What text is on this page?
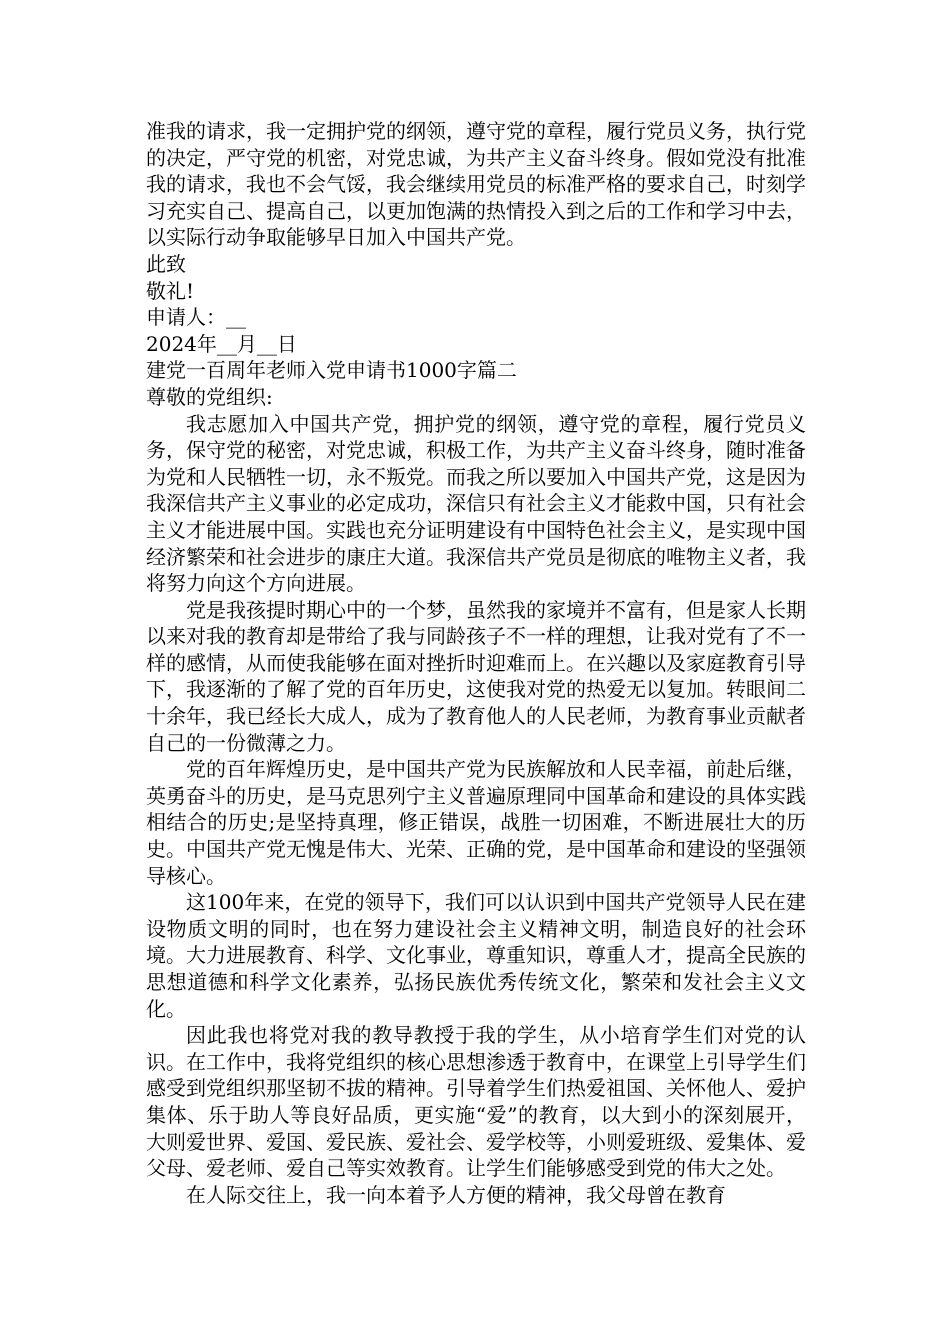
准我的请求，我一定拥护党的纲领，遵守党的章程，履行党员义务，执行党的决定，严守党的机密，对党忠诚，为共产主义奋斗终身。假如党没有批准我的请求，我也不会气馁，我会继续用党员的标准严格的要求自己，时刻学习充实自己、提高自己，以更加饱满的热情投入到之后的工作和学习中去，以实际行动争取能够早日加入中国共产党。

此致

敬礼!

申请人：__

2024年__月__日

建党一百周年老师入党申请书1000字篇二

尊敬的党组织:

我志愿加入中国共产党，拥护党的纲领，遵守党的章程，履行党员义务，保守党的秘密，对党忠诚，积极工作，为共产主义奋斗终身，随时准备为党和人民牺牲一切，永不叛党。而我之所以要加入中国共产党，这是因为我深信共产主义事业的必定成功，深信只有社会主义才能救中国，只有社会主义才能进展中国。实践也充分证明建设有中国特色社会主义，是实现中国经济繁荣和社会进步的康庄大道。我深信共产党员是彻底的唯物主义者，我将努力向这个方向进展。

党是我孩提时期心中的一个梦，虽然我的家境并不富有，但是家人长期以来对我的教育却是带给了我与同龄孩子不一样的理想，让我对党有了不一样的感情，从而使我能够在面对挫折时迎难而上。在兴趣以及家庭教育引导下，我逐渐的了解了党的百年历史，这使我对党的热爱无以复加。转眼间二十余年，我已经长大成人，成为了教育他人的人民老师，为教育事业贡献者自己的一份微薄之力。

党的百年辉煌历史，是中国共产党为民族解放和人民幸福，前赴后继，英勇奋斗的历史，是马克思列宁主义普遍原理同中国革命和建设的具体实践相结合的历史;是坚持真理，修正错误，战胜一切困难，不断进展壮大的历史。中国共产党无愧是伟大、光荣、正确的党，是中国革命和建设的坚强领导核心。

这100年来，在党的领导下，我们可以认识到中国共产党领导人民在建设物质文明的同时，也在努力建设社会主义精神文明，制造良好的社会环境。大力进展教育、科学、文化事业，尊重知识，尊重人才，提高全民族的思想道德和科学文化素养，弘扬民族优秀传统文化，繁荣和发社会主义文化。

因此我也将党对我的教导教授于我的学生，从小培育学生们对党的认识。在工作中，我将党组织的核心思想渗透于教育中，在课堂上引导学生们感受到党组织那坚韧不拔的精神。引导着学生们热爱祖国、关怀他人、爱护集体、乐于助人等良好品质，更实施“爱”的教育，以大到小的深刻展开，大则爱世界、爱国、爱民族、爱社会、爱学校等，小则爱班级、爱集体、爱父母、爱老师、爱自己等实效教育。让学生们能够感受到党的伟大之处。

在人际交往上，我一向本着予人方便的精神，我父母曾在教育
